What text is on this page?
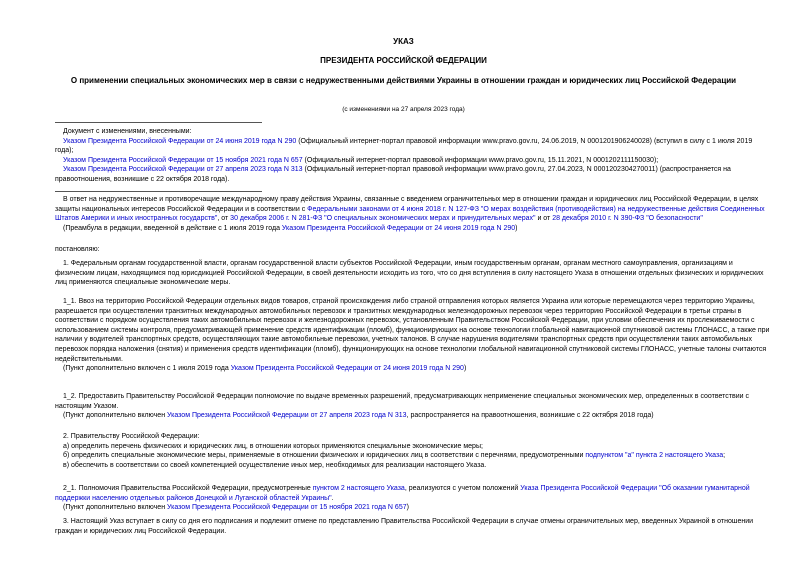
УКАЗ
ПРЕЗИДЕНТА РОССИЙСКОЙ ФЕДЕРАЦИИ
О применении специальных экономических мер в связи с недружественными действиями Украины в отношении граждан и юридических лиц Российской Федерации
(с изменениями на 27 апреля 2023 года)

Документ с изменениями, внесенными:

Указом Президента Российской Федерации от 24 июня 2019 года N 290 (Официальный интернет-портал правовой информации www.pravo.gov.ru, 24.06.2019, N 0001201906240028) (вступил в силу с 1 июля 2019 года);

Указом Президента Российской Федерации от 15 ноября 2021 года N 657 (Официальный интернет-портал правовой информации www.pravo.gov.ru, 15.11.2021, N 0001202111150030);

Указом Президента Российской Федерации от 27 апреля 2023 года N 313 (Официальный интернет-портал правовой информации www.pravo.gov.ru, 27.04.2023, N 0001202304270011) (распространяется на правоотношения, возникшие с 22 октября 2018 года).

В ответ на недружественные и противоречащие международному праву действия Украины, связанные с введением ограничительных мер в отношении граждан и юридических лиц Российской Федерации, в целях защиты национальных интересов Российской Федерации и в соответствии с Федеральными законами от 4 июня 2018 г. N 127-ФЗ "О мерах воздействия (противодействия) на недружественные действия Соединенных Штатов Америки и иных иностранных государств", от 30 декабря 2006 г. N 281-ФЗ "О специальных экономических мерах и принудительных мерах" и от 28 декабря 2010 г. N 390-ФЗ "О безопасности"

(Преамбула в редакции, введенной в действие с 1 июля 2019 года Указом Президента Российской Федерации от 24 июня 2019 года N 290)

постановляю:

1. Федеральным органам государственной власти, органам государственной власти субъектов Российской Федерации, иным государственным органам, органам местного самоуправления, организациям и физическим лицам, находящимся под юрисдикцией Российской Федерации, в своей деятельности исходить из того, что со дня вступления в силу настоящего Указа в отношении отдельных физических и юридических лиц применяются специальные экономические меры.

1_1. Ввоз на территорию Российской Федерации отдельных видов товаров, страной происхождения либо страной отправления которых является Украина или которые перемещаются через территорию Украины, разрешается при осуществлении транзитных международных автомобильных перевозок и транзитных международных железнодорожных перевозок через территорию Российской Федерации в третьи страны в соответствии с порядком осуществления таких автомобильных перевозок и железнодорожных перевозок, установленным Правительством Российской Федерации, при условии обеспечения их прослеживаемости с использованием системы контроля, предусматривающей применение средств идентификации (пломб), функционирующих на основе технологии глобальной навигационной спутниковой системы ГЛОНАСС, а также при наличии у водителей транспортных средств, осуществляющих такие автомобильные перевозки, учетных талонов. В случае нарушения водителями транспортных средств при осуществлении таких автомобильных перевозок порядка наложения (снятия) и применения средств идентификации (пломб), функционирующих на основе технологии глобальной навигационной спутниковой системы ГЛОНАСС, учетные талоны считаются недействительными.

(Пункт дополнительно включен с 1 июля 2019 года Указом Президента Российской Федерации от 24 июня 2019 года N 290)

1_2. Предоставить Правительству Российской Федерации полномочие по выдаче временных разрешений, предусматривающих неприменение специальных экономических мер, определенных в соответствии с настоящим Указом.

(Пункт дополнительно включен Указом Президента Российской Федерации от 27 апреля 2023 года N 313, распространяется на правоотношения, возникшие с 22 октября 2018 года)

2. Правительству Российской Федерации:

а) определить перечень физических и юридических лиц, в отношении которых применяются специальные экономические меры;

б) определить специальные экономические меры, применяемые в отношении физических и юридических лиц в соответствии с перечнями, предусмотренными подпунктом "а" пункта 2 настоящего Указа;

в) обеспечить в соответствии со своей компетенцией осуществление иных мер, необходимых для реализации настоящего Указа.

2_1. Полномочия Правительства Российской Федерации, предусмотренные пунктом 2 настоящего Указа, реализуются с учетом положений Указа Президента Российской Федерации "Об оказании гуманитарной поддержки населению отдельных районов Донецкой и Луганской областей Украины".

(Пункт дополнительно включен Указом Президента Российской Федерации от 15 ноября 2021 года N 657)

3. Настоящий Указ вступает в силу со дня его подписания и подлежит отмене по представлению Правительства Российской Федерации в случае отмены ограничительных мер, введенных Украиной в отношении граждан и юридических лиц Российской Федерации.
